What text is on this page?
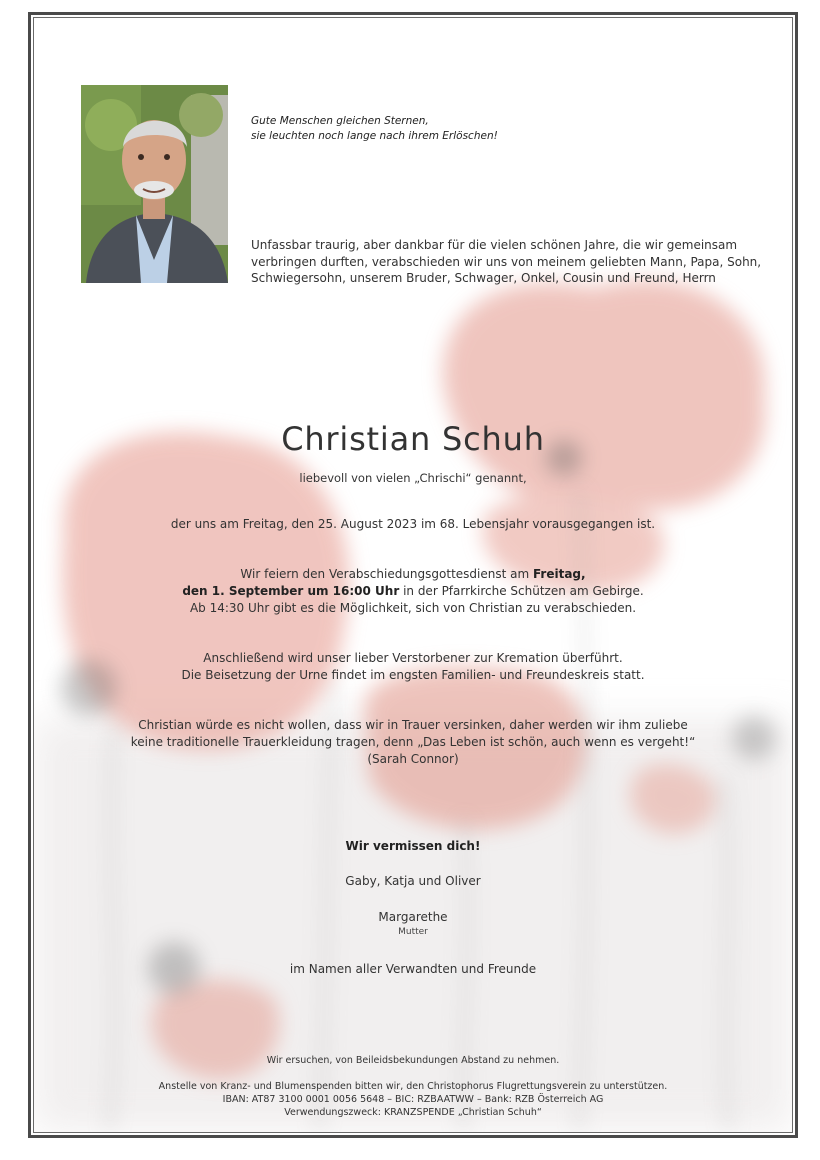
Gute Menschen gleichen Sternen,
sie leuchten noch lange nach ihrem Erlöschen!
Unfassbar traurig, aber dankbar für die vielen schönen Jahre, die wir gemeinsam
verbringen durften, verabschieden wir uns von meinem geliebten Mann, Papa, Sohn,
Schwiegersohn, unserem Bruder, Schwager, Onkel, Cousin und Freund, Herrn
Christian Schuh
liebevoll von vielen „Chrischi“ genannt,
der uns am Freitag, den 25. August 2023 im 68. Lebensjahr vorausgegangen ist.
Wir feiern den Verabschiedungsgottesdienst am Freitag,
den 1. September um 16:00 Uhr in der Pfarrkirche Schützen am Gebirge.
Ab 14:30 Uhr gibt es die Möglichkeit, sich von Christian zu verabschieden.
Anschließend wird unser lieber Verstorbener zur Kremation überführt.
Die Beisetzung der Urne findet im engsten Familien- und Freundeskreis statt.
Christian würde es nicht wollen, dass wir in Trauer versinken, daher werden wir ihm zuliebe
keine traditionelle Trauerkleidung tragen, denn „Das Leben ist schön, auch wenn es vergeht!“
(Sarah Connor)
Wir vermissen dich!
Gaby, Katja und Oliver
Margarethe
Mutter
im Namen aller Verwandten und Freunde
Wir ersuchen, von Beileidsbekundungen Abstand zu nehmen.
Anstelle von Kranz- und Blumenspenden bitten wir, den Christophorus Flugrettungsverein zu unterstützen.
IBAN: AT87 3100 0001 0056 5648 – BIC: RZBAATWW – Bank: RZB Österreich AG
Verwendungszweck: KRANZSPENDE „Christian Schuh“
